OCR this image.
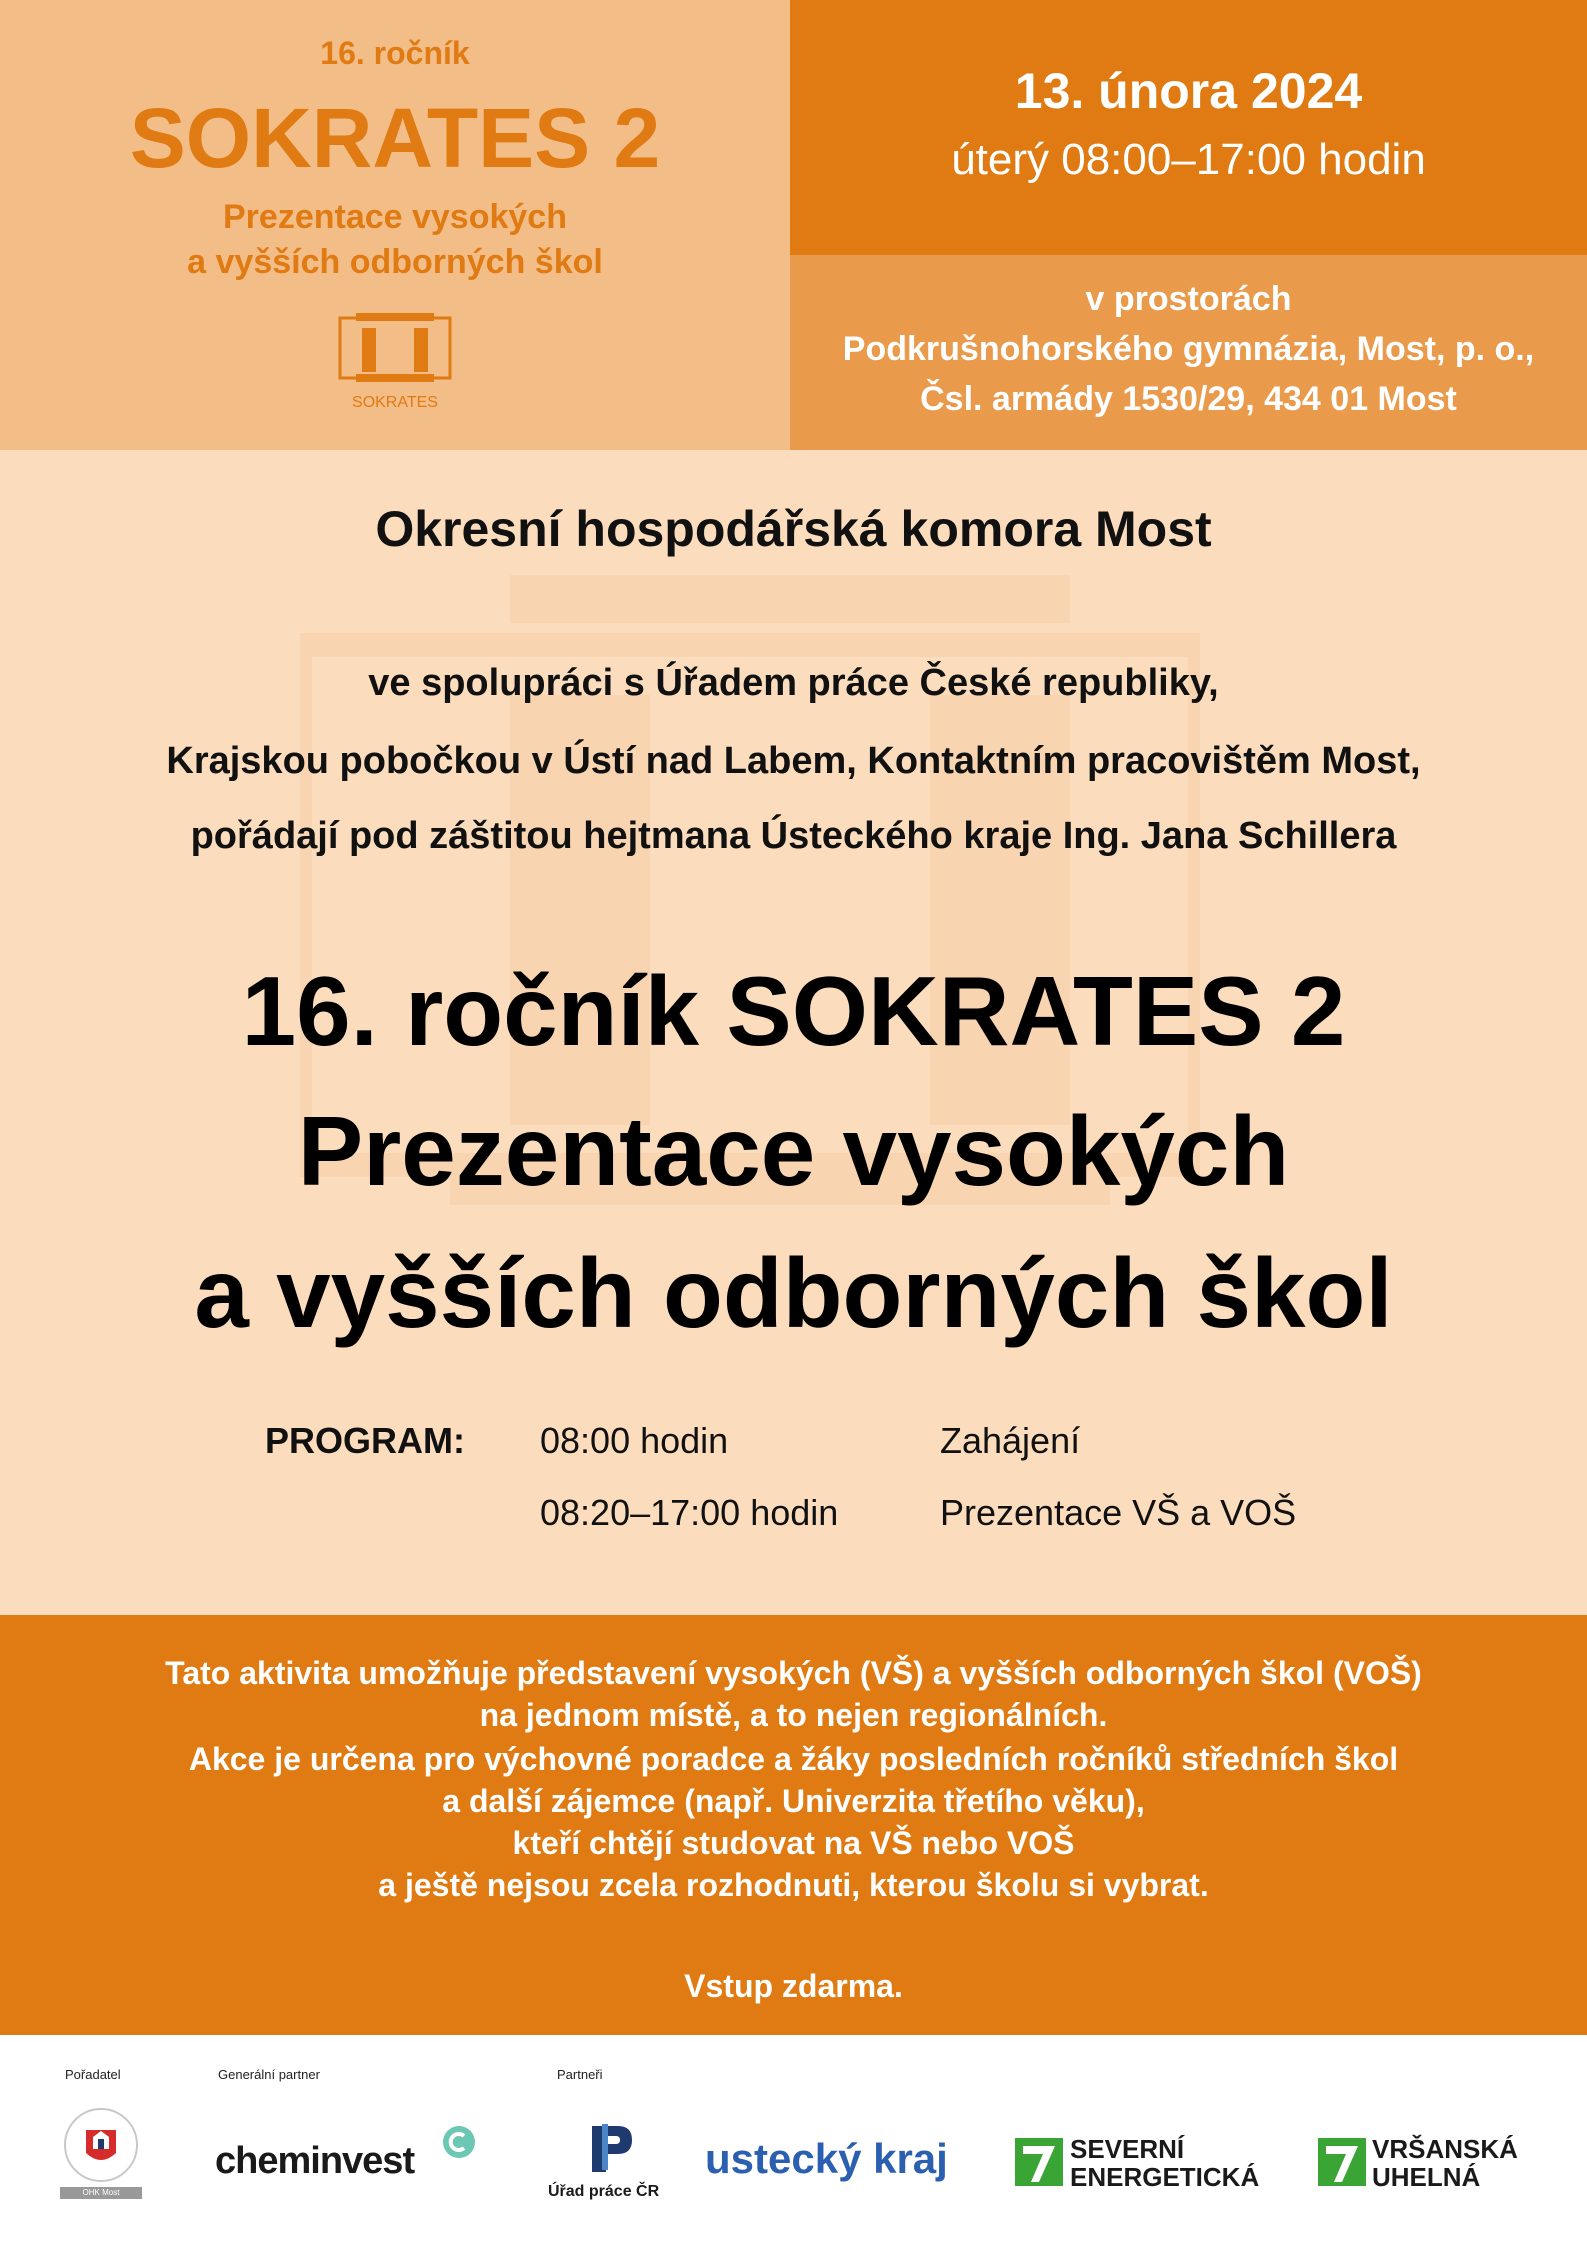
16. ročník
SOKRATES 2
Prezentace vysokých
a vyšších odborných škol
SOKRATES
13. února 2024
úterý 08:00–17:00 hodin
v prostorách
Podkrušnohorského gymnázia, Most, p. o.,
Čsl. armády 1530/29, 434 01 Most
Okresní hospodářská komora Most
ve spolupráci s Úřadem práce České republiky,
Krajskou pobočkou v Ústí nad Labem, Kontaktním pracovištěm Most,
pořádají pod záštitou hejtmana Ústeckého kraje Ing. Jana Schillera
16. ročník SOKRATES 2
Prezentace vysokých
a vyšších odborných škol
PROGRAM: 08:00 hodin	Zahájení
08:20–17:00 hodin	Prezentace VŠ a VOŠ
Tato aktivita umožňuje představení vysokých (VŠ) a vyšších odborných škol (VOŠ)
na jednom místě, a to nejen regionálních.
Akce je určena pro výchovné poradce a žáky posledních ročníků středních škol
a další zájemce (např. Univerzita třetího věku),
kteří chtějí studovat na VŠ nebo VOŠ
a ještě nejsou zcela rozhodnuti, kterou školu si vybrat.
Vstup zdarma.
Pořadatel	Generální partner	Partneři
OHK Most
cheminvest
Úřad práce ČR
ustecký kraj	SEVERNÍ
ENERGETICKÁ
VRŠANSKÁ
UHELNÁ
